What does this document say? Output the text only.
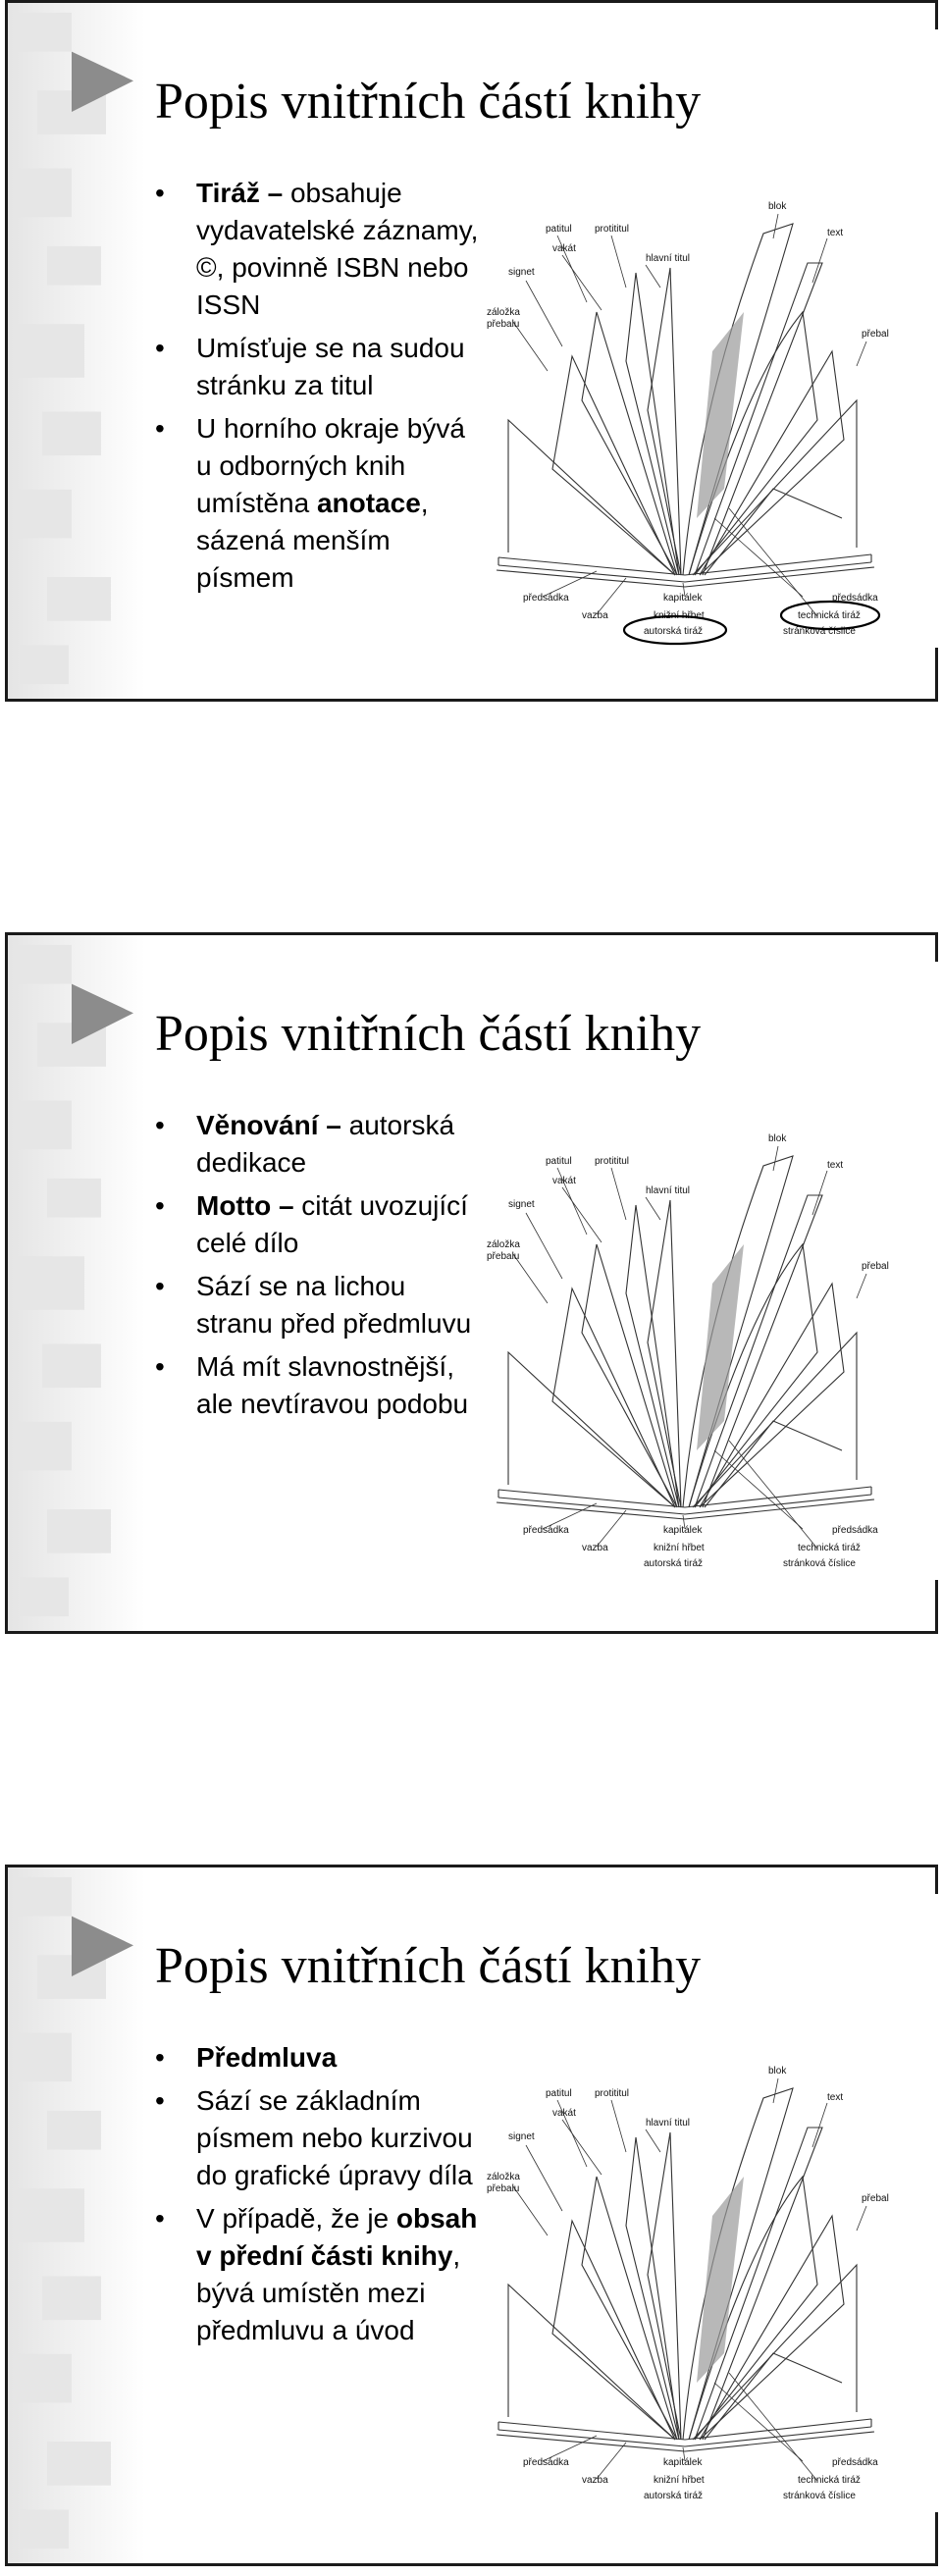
Popis vnitřních částí knihy
• Tiráž – obsahuje vydavatelské záznamy, ©, povinně ISBN nebo ISSN
• Umísťuje se na sudou stránku za titul
• U horního okraje bývá u odborných knih umístěna anotace, sázená menším písmem
patitul protititul
vakát
signet
záložka
přebalu
hlavní titul
blok
text
přebal
předsádka
vazba
kapitálek
knižní hřbet
autorská tiráž
předsádka
technická tiráž
stránková číslice
Popis vnitřních částí knihy
• Věnování – autorská dedikace
• Motto – citát uvozující celé dílo
• Sází se na lichou stranu před předmluvu
• Má mít slavnostnější, ale nevtíravou podobu
patitul protititul
vakát
signet
záložka
přebalu
hlavní titul
blok
text
přebal
předsádka
vazba
kapitálek
knižní hřbet
autorská tiráž
předsádka
technická tiráž
stránková číslice
Popis vnitřních částí knihy
• Předmluva
• Sází se základním písmem nebo kurzivou do grafické úpravy díla
• V případě, že je obsah v přední části knihy, bývá umístěn mezi předmluvu a úvod
patitul protititul
vakát
signet
záložka
přebalu
hlavní titul
blok
text
přebal
předsádka
vazba
kapitálek
knižní hřbet
autorská tiráž
předsádka
technická tiráž
stránková číslice
